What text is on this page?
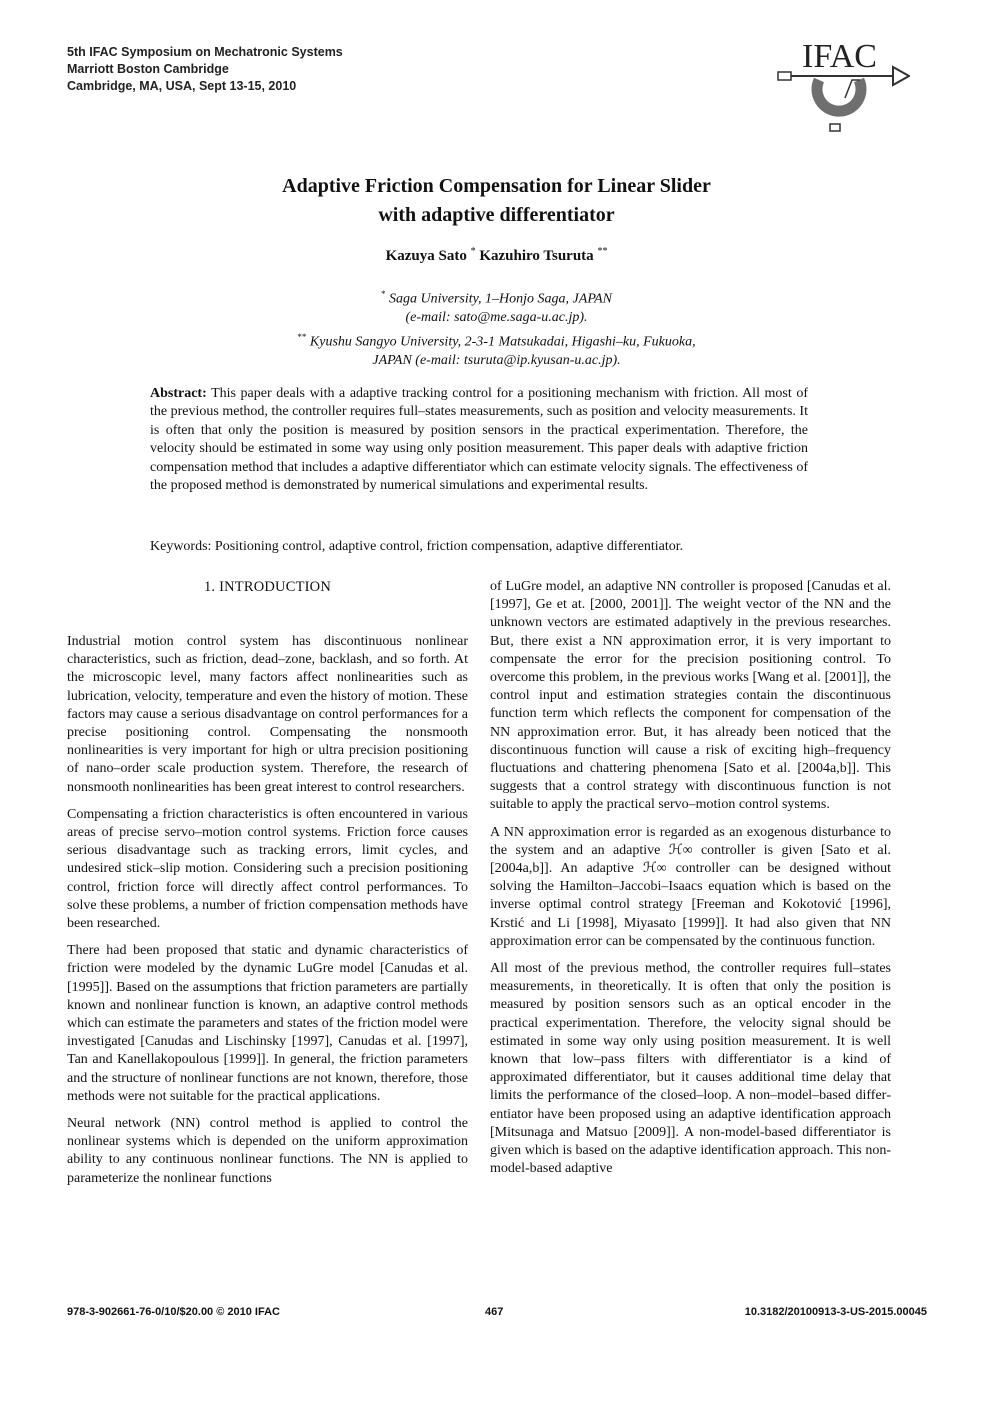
5th IFAC Symposium on Mechatronic Systems
Marriott Boston Cambridge
Cambridge, MA, USA, Sept 13-15, 2010
IFAC
Adaptive Friction Compensation for Linear Slider
with adaptive differentiator
Kazuya Sato * Kazuhiro Tsuruta **
* Saga University, 1–Honjo Saga, JAPAN
(e-mail: sato@me.saga-u.ac.jp).
** Kyushu Sangyo University, 2-3-1 Matsukadai, Higashi–ku, Fukuoka,
JAPAN (e-mail: tsuruta@ip.kyusan-u.ac.jp).
Abstract: This paper deals with a adaptive tracking control for a positioning mechanism with friction. All most of the previous method, the controller requires full–states measurements, such as position and velocity measurements. It is often that only the position is measured by position sensors in the practical experimentation. Therefore, the velocity should be estimated in some way using only position measurement. This paper deals with adaptive friction compensation method that includes a adaptive differentiator which can estimate velocity signals. The effectiveness of the proposed method is demonstrated by numerical simulations and experimental results.
Keywords: Positioning control, adaptive control, friction compensation, adaptive differentiator.
1. INTRODUCTION

Industrial motion control system has discontinuous nonlinear characteristics, such as friction, dead–zone, backlash, and so forth. At the microscopic level, many factors affect nonlinearities such as lubrication, velocity, temperature and even the history of motion. These factors may cause a serious disadvantage on control performances for a precise positioning control. Compensating the nonsmooth nonlinearities is very important for high or ultra precision positioning of nano–order scale production system. Therefore, the research of nonsmooth nonlinearities has been great interest to control researchers.

Compensating a friction characteristics is often encountered in various areas of precise servo–motion control systems. Friction force causes serious disadvantage such as tracking errors, limit cycles, and undesired stick–slip motion. Considering such a precision positioning control, friction force will directly affect control performances. To solve these problems, a number of friction compensation methods have been researched.

There had been proposed that static and dynamic characteristics of friction were modeled by the dynamic LuGre model [Canudas et al. [1995]]. Based on the assumptions that friction parameters are partially known and nonlinear function is known, an adaptive control methods which can estimate the parameters and states of the friction model were investigated [Canudas and Lischinsky [1997], Canudas et al. [1997], Tan and Kanellakopoulous [1999]]. In general, the friction parameters and the structure of nonlinear functions are not known, therefore, those methods were not suitable for the practical applications.

Neural network (NN) control method is applied to control the nonlinear systems which is depended on the uniform approximation ability to any continuous nonlinear functions. The NN is applied to parameterize the nonlinear functions

of LuGre model, an adaptive NN controller is proposed [Canudas et al. [1997], Ge et at. [2000, 2001]]. The weight vector of the NN and the unknown vectors are estimated adaptively in the previous researches. But, there exist a NN approximation error, it is very important to compensate the error for the precision positioning control. To overcome this problem, in the previous works [Wang et al. [2001]], the control input and estimation strategies contain the discontinuous function term which reflects the component for compensation of the NN approximation error. But, it has already been noticed that the discontinuous function will cause a risk of exciting high–frequency fluctuations and chattering phenomena [Sato et al. [2004a,b]]. This suggests that a control strategy with discontinuous function is not suitable to apply the practical servo–motion control systems.

A NN approximation error is regarded as an exogenous disturbance to the system and an adaptive ℋ∞ controller is given [Sato et al. [2004a,b]]. An adaptive ℋ∞ controller can be designed without solving the Hamilton–Jaccobi–Isaacs equation which is based on the inverse optimal control strategy [Freeman and Kokotović [1996], Krstić and Li [1998], Miyasato [1999]]. It had also given that NN approximation error can be compensated by the continuous function.

All most of the previous method, the controller requires full–states measurements, in theoretically. It is often that only the position is measured by position sensors such as an optical encoder in the practical experimentation. Therefore, the velocity signal should be estimated in some way only using position measurement. It is well known that low–pass filters with differentiator is a kind of approximated differentiator, but it causes additional time delay that limits the performance of the closed–loop. A non–model–based differentiator have been proposed using an adaptive identification approach [Mitsunaga and Matsuo [2009]]. A non-model-based differentiator is given which is based on the adaptive identification approach. This non-model-based adaptive

978-3-902661-76-0/10/$20.00 © 2010 IFAC	467	10.3182/20100913-3-US-2015.00045
